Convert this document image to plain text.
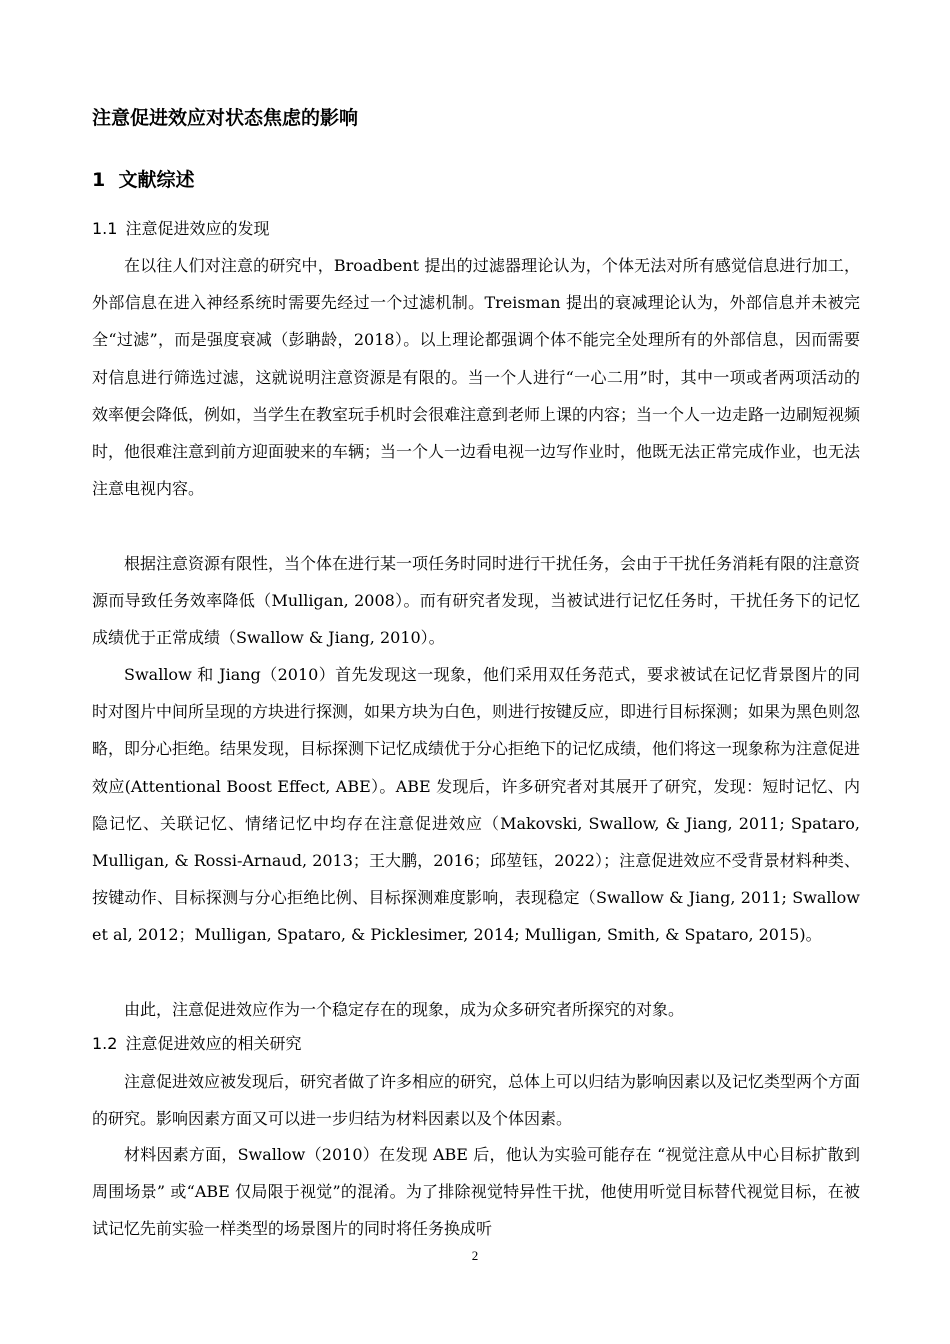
注意促进效应对状态焦虑的影响
1 文献综述
1.1 注意促进效应的发现

在以往人们对注意的研究中，Broadbent 提出的过滤器理论认为，个体无法对所有感觉信息进行加工，外部信息在进入神经系统时需要先经过一个过滤机制。Treisman 提出的衰减理论认为，外部信息并未被完全“过滤”，而是强度衰减（彭聃龄，2018）。以上理论都强调个体不能完全处理所有的外部信息，因而需要对信息进行筛选过滤，这就说明注意资源是有限的。当一个人进行“一心二用”时，其中一项或者两项活动的效率便会降低，例如，当学生在教室玩手机时会很难注意到老师上课的内容；当一个人一边走路一边刷短视频时，他很难注意到前方迎面驶来的车辆；当一个人一边看电视一边写作业时，他既无法正常完成作业，也无法注意电视内容。

根据注意资源有限性，当个体在进行某一项任务时同时进行干扰任务，会由于干扰任务消耗有限的注意资源而导致任务效率降低（Mulligan, 2008）。而有研究者发现，当被试进行记忆任务时，干扰任务下的记忆成绩优于正常成绩（Swallow & Jiang, 2010）。

Swallow 和 Jiang（2010）首先发现这一现象，他们采用双任务范式，要求被试在记忆背景图片的同时对图片中间所呈现的方块进行探测，如果方块为白色，则进行按键反应，即进行目标探测；如果为黑色则忽略，即分心拒绝。结果发现，目标探测下记忆成绩优于分心拒绝下的记忆成绩，他们将这一现象称为注意促进效应(Attentional Boost Effect, ABE）。ABE 发现后，许多研究者对其展开了研究，发现：短时记忆、内隐记忆、关联记忆、情绪记忆中均存在注意促进效应（Makovski, Swallow, & Jiang, 2011; Spataro, Mulligan, & Rossi-Arnaud, 2013；王大鹏，2016；邱堃钰，2022）；注意促进效应不受背景材料种类、按键动作、目标探测与分心拒绝比例、目标探测难度影响，表现稳定（Swallow & Jiang, 2011; Swallow et al, 2012；Mulligan, Spataro, & Picklesimer, 2014; Mulligan, Smith, & Spataro, 2015)。

由此，注意促进效应作为一个稳定存在的现象，成为众多研究者所探究的对象。

1.2 注意促进效应的相关研究

注意促进效应被发现后，研究者做了许多相应的研究，总体上可以归结为影响因素以及记忆类型两个方面的研究。影响因素方面又可以进一步归结为材料因素以及个体因素。

材料因素方面，Swallow（2010）在发现 ABE 后，他认为实验可能存在 “视觉注意从中心目标扩散到周围场景” 或“ABE 仅局限于视觉”的混淆。为了排除视觉特异性干扰，他使用听觉目标替代视觉目标，在被试记忆先前实验一样类型的场景图片的同时将任务换成听

2
